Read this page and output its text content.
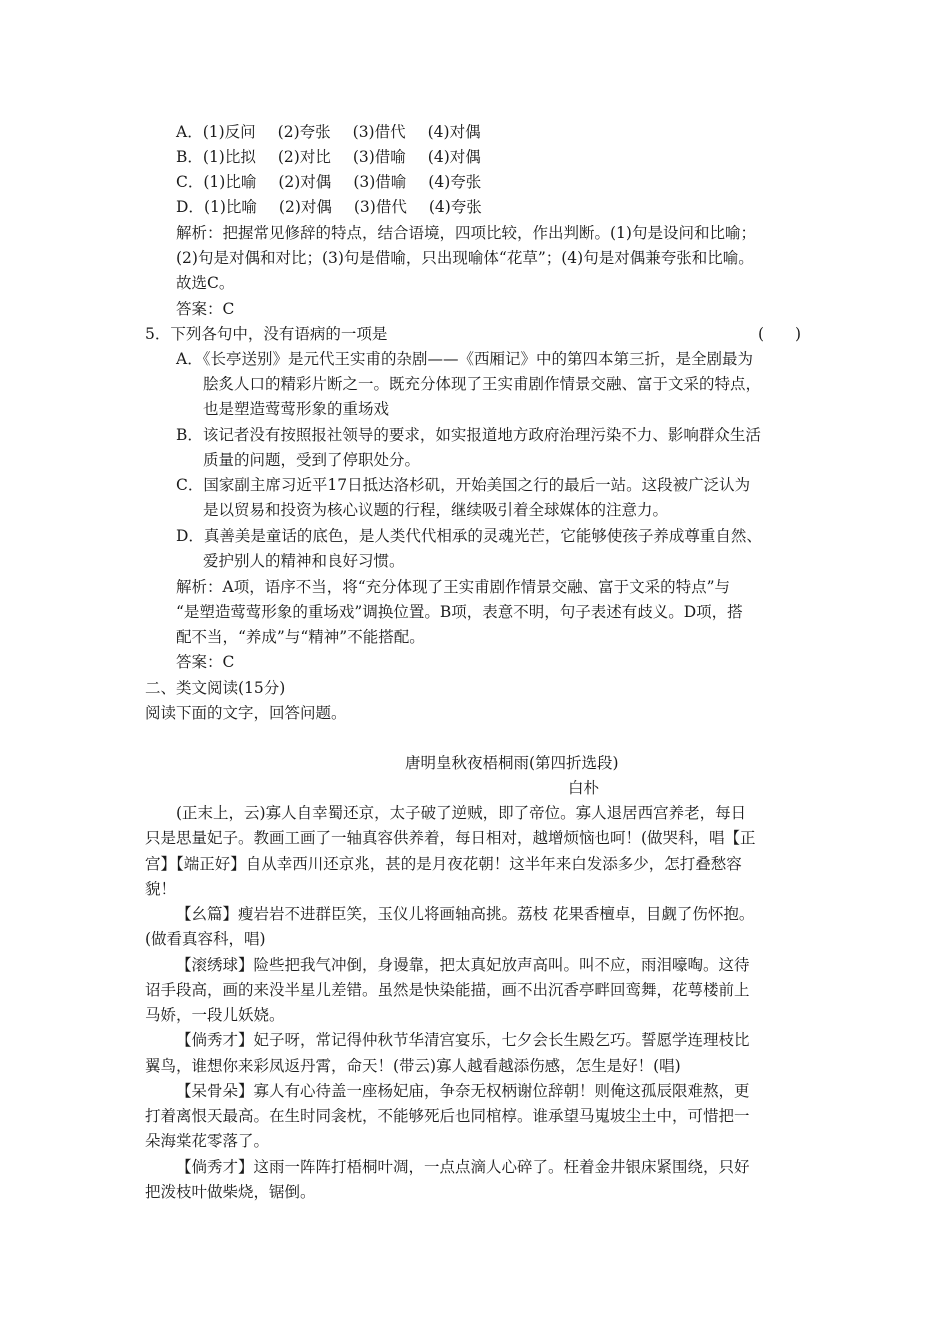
A．(1)反问 (2)夸张 (3)借代 (4)对偶
B．(1)比拟 (2)对比 (3)借喻 (4)对偶
C．(1)比喻 (2)对偶 (3)借喻 (4)夸张
D．(1)比喻 (2)对偶 (3)借代 (4)夸张
解析：把握常见修辞的特点，结合语境，四项比较，作出判断。(1)句是设问和比喻；
(2)句是对偶和对比；(3)句是借喻，只出现喻体“花草”；(4)句是对偶兼夸张和比喻。
故选C。
答案：C
5．下列各句中，没有语病的一项是	(　　)
A．《长亭送别》是元代王实甫的杂剧——《西厢记》中的第四本第三折，是全剧最为
脍炙人口的精彩片断之一。既充分体现了王实甫剧作情景交融、富于文采的特点，
也是塑造莺莺形象的重场戏
B．该记者没有按照报社领导的要求，如实报道地方政府治理污染不力、影响群众生活
质量的问题，受到了停职处分。
C．国家副主席习近平17日抵达洛杉矶，开始美国之行的最后一站。这段被广泛认为
是以贸易和投资为核心议题的行程，继续吸引着全球媒体的注意力。
D．真善美是童话的底色，是人类代代相承的灵魂光芒，它能够使孩子养成尊重自然、
爱护别人的精神和良好习惯。
解析：A项，语序不当，将“充分体现了王实甫剧作情景交融、富于文采的特点”与
“是塑造莺莺形象的重场戏”调换位置。B项，表意不明，句子表述有歧义。D项，搭
配不当，“养成”与“精神”不能搭配。
答案：C
二、类文阅读(15分)
阅读下面的文字，回答问题。
唐明皇秋夜梧桐雨(第四折选段)
白朴
(正末上，云)寡人自幸蜀还京，太子破了逆贼，即了帝位。寡人退居西宫养老，每日
只是思量妃子。教画工画了一轴真容供养着，每日相对，越增烦恼也呵！(做哭科，唱【正
宫】【端正好】自从幸西川还京兆，甚的是月夜花朝！这半年来白发添多少，怎打叠愁容
貌！
【幺篇】瘦岩岩不进群臣笑，玉仪儿将画轴高挑。荔枝 花果香檀卓，目觑了伤怀抱。
(做看真容科，唱)
【滚绣球】险些把我气冲倒，身谩靠，把太真妃放声高叫。叫不应，雨泪嚎啕。这待
诏手段高，画的来没半星儿差错。虽然是快染能描，画不出沉香亭畔回鸾舞，花萼楼前上
马娇，一段儿妖娆。
【倘秀才】妃子呀，常记得仲秋节华清宫宴乐，七夕会长生殿乞巧。誓愿学连理枝比
翼鸟，谁想你来彩凤返丹霄，命天！(带云)寡人越看越添伤感，怎生是好！(唱)
【呆骨朵】寡人有心待盖一座杨妃庙，争奈无权柄谢位辞朝！则俺这孤辰限难熬，更
打着离恨天最高。在生时同衾枕，不能够死后也同棺椁。谁承望马嵬坡尘土中，可惜把一
朵海棠花零落了。
【倘秀才】这雨一阵阵打梧桐叶凋，一点点滴人心碎了。枉着金井银床紧围绕，只好
把泼枝叶做柴烧，锯倒。
